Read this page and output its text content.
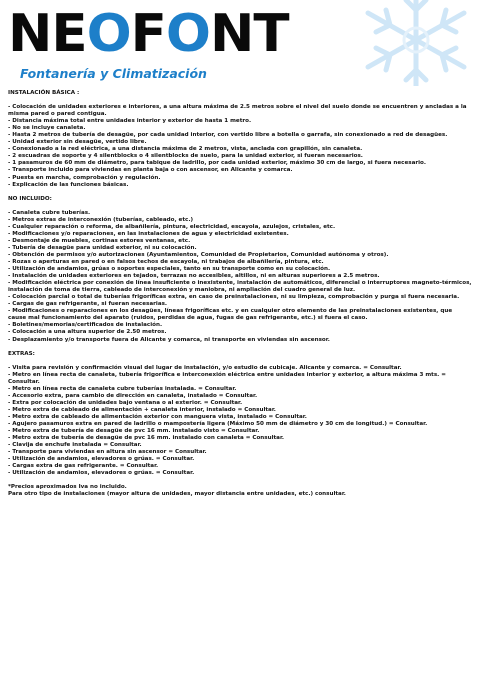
NEOFONT
Fontanería y Climatización

INSTALACIÓN BÁSICA :

- Colocación de unidades exteriores e interiores, a una altura máxima de 2.5 metros sobre el nivel del suelo donde se encuentren y ancladas a la misma pared o pared contigua.

- Distancia máxima total entre unidades interior y exterior de hasta 1 metro.

- No se incluye canaleta.

- Hasta 2 metros de tubería de desagüe, por cada unidad interior, con vertido libre a botella o garrafa, sin conexionado a red de desagües.

- Unidad exterior sin desagüe, vertido libre.

- Conexionado a la red eléctrica, a una distancia máxima de 2 metros, vista, anclada con grapillón, sin canaleta.

- 2 escuadras de soporte y 4 silentblocks o 4 silentblocks de suelo, para la unidad exterior, si fueran necesarios.

- 1 pasamuros de 60 mm de diámetro, para tabique de ladrillo, por cada unidad exterior, máximo 30 cm de largo, si fuera necesario.

- Transporte incluido para viviendas en planta baja o con ascensor, en Alicante y comarca.

- Puesta en marcha, comprobación y regulación.

- Explicación de las funciones básicas.

NO INCLUIDO:

- Canaleta cubre tuberías.

- Metros extras de interconexión (tuberías, cableado, etc.)

- Cualquier reparación o reforma, de albañilería, pintura, electricidad, escayola, azulejos, cristales, etc.

- Modificaciones y/o reparaciones, en las instalaciones de agua y electricidad existentes.

- Desmontaje de muebles, cortinas estores ventanas, etc.

- Tubería de desagüe para unidad exterior, ni su colocación.

- Obtención de permisos y/o autorizaciones (Ayuntamientos, Comunidad de Propietarios, Comunidad autónoma y otros).

- Rozas o aperturas en pared o en falsos techos de escayola, ni trabajos de albañilería, pintura, etc.

- Utilización de andamios, grúas o soportes especiales, tanto en su transporte como en su colocación.

- Instalación de unidades exteriores en tejados, terrazas no accesibles, altillos, ni en alturas superiores a 2.5 metros.

- Modificación eléctrica por conexión de línea insuficiente o inexistente, instalación de automáticos, diferencial o interruptores magneto-térmicos, instalación de toma de tierra, cableado de interconexión y maniobra, ni ampliación del cuadro general de luz.

- Colocación parcial o total de tuberías frigoríficas extra, en caso de preinstalaciones, ni su limpieza, comprobación y purga si fuera necesaria.

- Cargas de gas refrigerante, si fueran necesarias.

- Modificaciones o reparaciones en los desagües, líneas frigoríficas etc. y en cualquier otro elemento de las preinstalaciones existentes, que cause mal funcionamiento del aparato (ruidos, perdidas de agua, fugas de gas refrigerante, etc.) si fuera el caso.

- Boletines/memorias/certificados de instalación.

- Colocación a una altura superior de 2.50 metros.

- Desplazamiento y/o transporte fuera de Alicante y comarca, ni transporte en viviendas sin ascensor.

EXTRAS:

- Visita para revisión y confirmación visual del lugar de instalación, y/o estudio de cubicaje. Alicante y comarca. = Consultar.

- Metro en línea recta de canaleta, tubería frigorífica e interconexión eléctrica entre unidades interior y exterior, a altura máxima 3 mts. = Consultar.

- Metro en línea recta de canaleta cubre tuberías instalada. = Consultar.

- Accesorio extra, para cambio de dirección en canaleta, instalado = Consultar.

- Extra por colocación de unidades bajo ventana o al exterior. = Consultar.

- Metro extra de cableado de alimentación + canaleta interior, instalado = Consultar.

- Metro extra de cableado de alimentación exterior con manguera vista, instalado = Consultar.

- Agujero pasamuros extra en pared de ladrillo o mampostería ligera (Máximo 50 mm de diámetro y 30 cm de longitud.) = Consultar.

- Metro extra de tubería de desagüe de pvc 16 mm. instalado visto = Consultar.

- Metro extra de tubería de desagüe de pvc 16 mm. instalado con canaleta = Consultar.

- Clavija de enchufe instalada = Consultar.

- Transporte para viviendas en altura sin ascensor = Consultar.

- Utilización de andamios, elevadores o grúas. = Consultar.

- Cargas extra de gas refrigerante. = Consultar.

- Utilización de andamios, elevadores o grúas. = Consultar.

*Precios aproximados Iva no incluido.

Para otro tipo de instalaciones (mayor altura de unidades, mayor distancia entre unidades, etc.) consultar.
